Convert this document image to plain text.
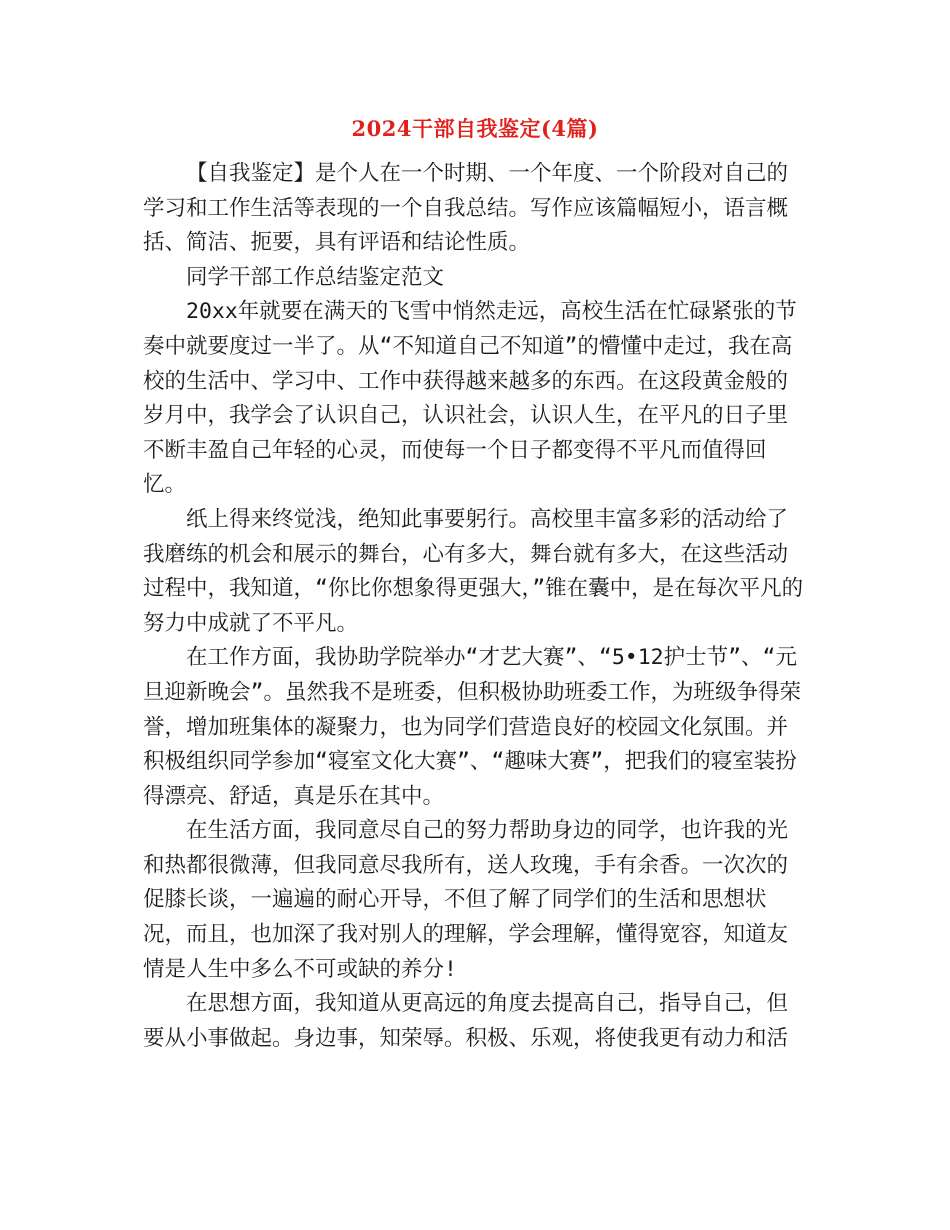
2024干部自我鉴定(4篇)

【自我鉴定】是个人在一个时期、一个年度、一个阶段对自己的学习和工作生活等表现的一个自我总结。写作应该篇幅短小，语言概括、简洁、扼要，具有评语和结论性质。

同学干部工作总结鉴定范文

20xx年就要在满天的飞雪中悄然走远，高校生活在忙碌紧张的节奏中就要度过一半了。从“不知道自己不知道”的懵懂中走过，我在高校的生活中、学习中、工作中获得越来越多的东西。在这段黄金般的岁月中，我学会了认识自己，认识社会，认识人生，在平凡的日子里不断丰盈自己年轻的心灵，而使每一个日子都变得不平凡而值得回忆。

纸上得来终觉浅，绝知此事要躬行。高校里丰富多彩的活动给了我磨练的机会和展示的舞台，心有多大，舞台就有多大，在这些活动过程中，我知道，“你比你想象得更强大，”锥在囊中，是在每次平凡的努力中成就了不平凡。

在工作方面，我协助学院举办“才艺大赛”、“5•12护士节”、“元旦迎新晚会”。虽然我不是班委，但积极协助班委工作，为班级争得荣誉，增加班集体的凝聚力，也为同学们营造良好的校园文化氛围。并积极组织同学参加“寝室文化大赛”、“趣味大赛”，把我们的寝室装扮得漂亮、舒适，真是乐在其中。

在生活方面，我同意尽自己的努力帮助身边的同学，也许我的光和热都很微薄，但我同意尽我所有，送人玫瑰，手有余香。一次次的促膝长谈，一遍遍的耐心开导，不但了解了同学们的生活和思想状况，而且，也加深了我对别人的理解，学会理解，懂得宽容，知道友情是人生中多么不可或缺的养分!

在思想方面，我知道从更高远的角度去提高自己，指导自己，但要从小事做起。身边事，知荣辱。积极、乐观，将使我更有动力和活
